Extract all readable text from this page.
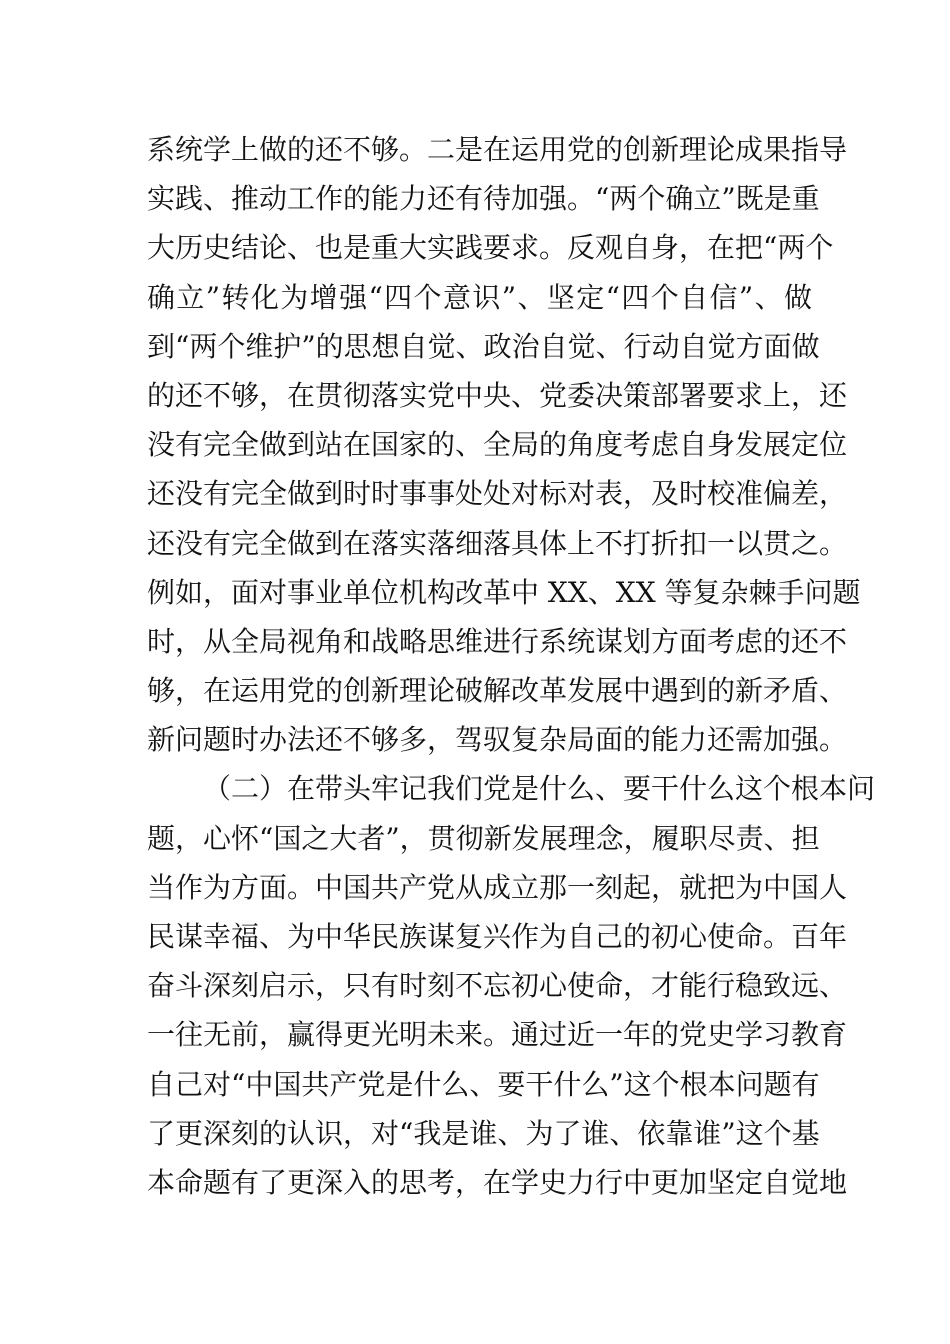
系统学上做的还不够。二是在运用党的创新理论成果指导
实践、推动工作的能力还有待加强。“两个确立”既是重
大历史结论、也是重大实践要求。反观自身，在把“两个
确立”转化为增强“四个意识”、坚定“四个自信”、做
到“两个维护”的思想自觉、政治自觉、行动自觉方面做
的还不够，在贯彻落实党中央、党委决策部署要求上，还
没有完全做到站在国家的、全局的角度考虑自身发展定位
还没有完全做到时时事事处处对标对表，及时校准偏差，
还没有完全做到在落实落细落具体上不打折扣一以贯之。
例如，面对事业单位机构改革中 XX、XX 等复杂棘手问题
时，从全局视角和战略思维进行系统谋划方面考虑的还不
够，在运用党的创新理论破解改革发展中遇到的新矛盾、
新问题时办法还不够多，驾驭复杂局面的能力还需加强。
（二）在带头牢记我们党是什么、要干什么这个根本问
题，心怀“国之大者”，贯彻新发展理念，履职尽责、担
当作为方面。中国共产党从成立那一刻起，就把为中国人
民谋幸福、为中华民族谋复兴作为自己的初心使命。百年
奋斗深刻启示，只有时刻不忘初心使命，才能行稳致远、
一往无前，赢得更光明未来。通过近一年的党史学习教育
自己对“中国共产党是什么、要干什么”这个根本问题有
了更深刻的认识，对“我是谁、为了谁、依靠谁”这个基
本命题有了更深入的思考，在学史力行中更加坚定自觉地
